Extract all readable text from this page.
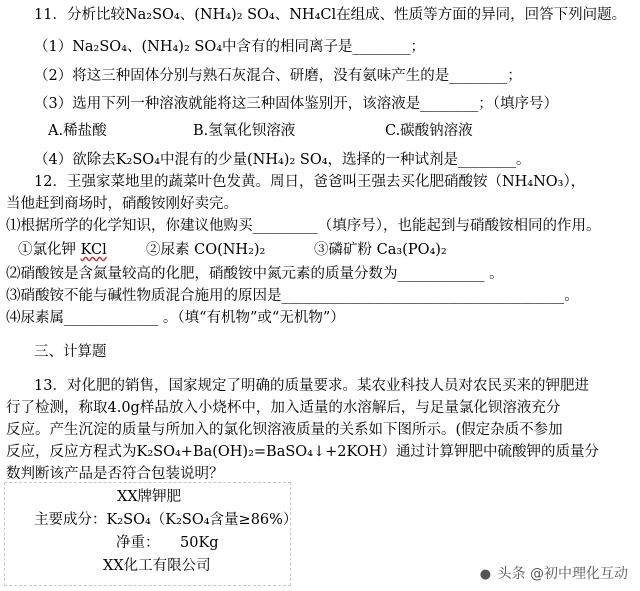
11．分析比较Na₂SO₄、(NH₄)₂ SO₄、NH₄Cl在组成、性质等方面的异同，回答下列问题。
（1）Na₂SO₄、(NH₄)₂ SO₄中含有的相同离子是________；
（2）将这三种固体分别与熟石灰混合、研磨，没有氨味产生的是________；
（3）选用下列一种溶液就能将这三种固体鉴别开，该溶液是________；（填序号）
A.稀盐酸	B.氢氧化钡溶液	C.碳酸钠溶液
（4）欲除去K₂SO₄中混有的少量(NH₄)₂ SO₄，选择的一种试剂是________。
12．王强家菜地里的蔬菜叶色发黄。周日，爸爸叫王强去买化肥硝酸铵（NH₄NO₃），
当他赶到商场时，硝酸铵刚好卖完。
⑴根据所学的化学知识，你建议他购买_________（填序号），也能起到与硝酸铵相同的作用。
①氯化钾 KCl	②尿素 CO(NH₂)₂	③磷矿粉 Ca₃(PO₄)₂
⑵硝酸铵是含氮量较高的化肥，硝酸铵中氮元素的质量分数为____________ 。
⑶硝酸铵不能与碱性物质混合施用的原因是_______________________________________。
⑷尿素属_____________ 。（填“有机物”或“无机物”）
三、计算题
13．对化肥的销售，国家规定了明确的质量要求。某农业科技人员对农民买来的钾肥进
行了检测，称取4.0g样品放入小烧杯中，加入适量的水溶解后，与足量氯化钡溶液充分
反应。产生沉淀的质量与所加入的氯化钡溶液质量的关系如下图所示。(假定杂质不参加
反应，反应方程式为K₂SO₄+Ba(OH)₂=BaSO₄↓+2KOH）通过计算钾肥中硫酸钾的质量分
数判断该产品是否符合包装说明？
XX牌钾肥
主要成分：K₂SO₄（K₂SO₄含量≥86%）
净重： 50Kg
XX化工有限公司
● 头条 @初中理化互动
